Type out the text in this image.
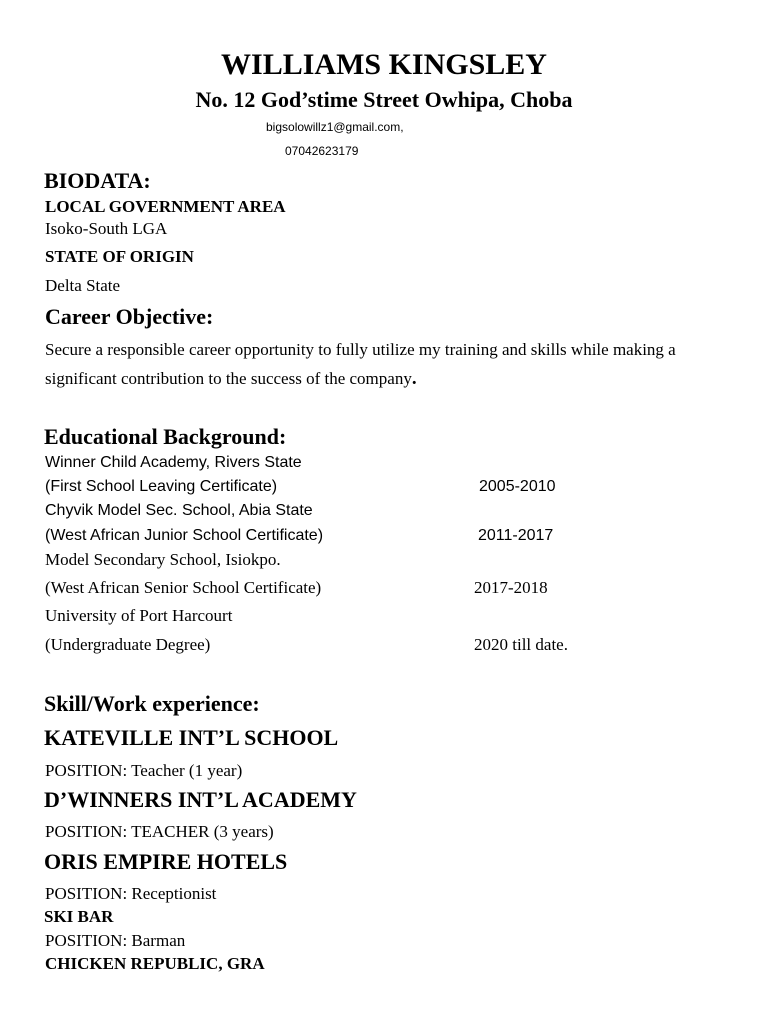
WILLIAMS KINGSLEY
No. 12 God’stime Street Owhipa, Choba
bigsolowillz1@gmail.com,
07042623179
BIODATA:
LOCAL GOVERNMENT AREA
Isoko-South LGA
STATE OF ORIGIN
Delta State
Career Objective:
Secure a responsible career opportunity to fully utilize my training and skills while making a
significant contribution to the success of the company.
Educational Background:
Winner Child Academy, Rivers State
(First School Leaving Certificate)	2005-2010
Chyvik Model Sec. School, Abia State
(West African Junior School Certificate)	2011-2017
Model Secondary School, Isiokpo.
(West African Senior School Certificate)	2017-2018
University of Port Harcourt
(Undergraduate Degree)	2020 till date.
Skill/Work experience:
KATEVILLE INT’L SCHOOL
POSITION: Teacher (1 year)
D’WINNERS INT’L ACADEMY
POSITION: TEACHER (3 years)
ORIS EMPIRE HOTELS
POSITION: Receptionist
SKI BAR
POSITION: Barman
CHICKEN REPUBLIC, GRA
